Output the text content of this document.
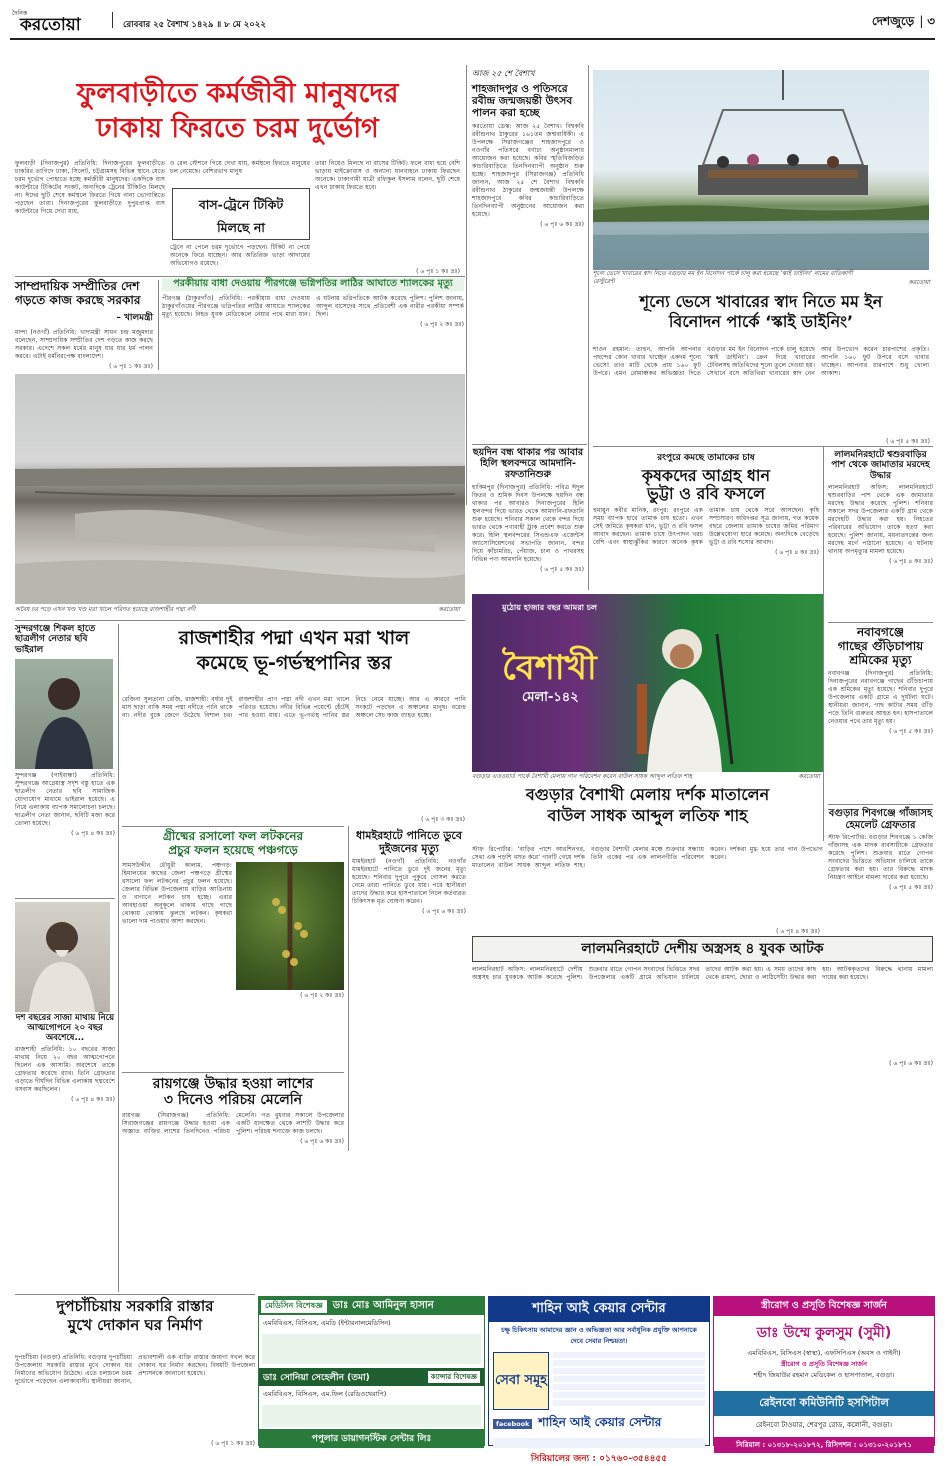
দৈনিক
করতোয়া	রোববার ২৫ বৈশাখ ১৪২৯ ॥ ৮ মে ২০২২	দেশজুড়ে | ৩
ফুলবাড়ীতে কর্মজীবী মানুষদের
ঢাকায় ফিরতে চরম দুর্ভোগ
ফুলবাড়ী (দিনাজপুর) প্রতিনিধি: দিনাজপুরের ফুলবাড়ীতে চাকরির তাগিদে ঢাকা, সিলেট, চট্টগ্রামসহ বিভিন্ন স্থানে যেতে চরম দুর্ভোগ পোহাতে হচ্ছে কর্মজীবী মানুষদের। একদিকে বাস কাউন্টারে টিকিটের সংকট, অন্যদিকে ট্রেনের টিকিটও মিলছে না। ঈদের ছুটি শেষে কর্মস্থলে ফিরতে গিয়ে নানা ভোগান্তিতে পড়ছেন তারা। দিনাজপুরের ফুলবাড়ীতে দুপুরপ্রাপ্ত বাস কাউন্টারে গিয়ে দেখা যায়,
ও রেল স্টেশনে গিয়ে দেখা যায়, কর্মস্থলে ফিরতে মানুষের চল নেমেছে। বেশিরভাগ মানুষ
তারা নিয়েও মিলছে না বাসের টিকিট। ফলে বাধ্য হয়ে বেশি ভাড়ায় মাইক্রোবাস ও অন্যান্য যানবাহনে ঢাকায় ফিরছেন অনেকে। ঢাকাগামী যাত্রী রফিকুল ইসলাম বলেন, ছুটি শেষে এখন ঢাকায় ফিরতে হবে।
বাস-ট্রেনে টিকিট
মিলছে না
ট্রেনে না পেলে চরম দুর্ভোগে পড়ছেন। টিকিট না পেয়ে অনেকে ফিরে যাচ্ছেন। আর অতিরিক্ত ভাড়া আদায়ের অভিযোগও রয়েছে।
( ৬ পৃঃ ১ কঃ দ্রঃ)
সাম্প্রদায়িক সম্প্রীতির দেশ গড়তে কাজ করছে সরকার
– খালমন্ত্রী
মান্দা (নওগাঁ) প্রতিনিধি: খাদ্যমন্ত্রী সাধন চন্দ্র মজুমদার বলেছেন, সাম্প্রদায়িক সম্প্রীতির দেশ গড়তে কাজ করছে সরকার। এদেশে সকল ধর্মের মানুষ যার যার ধর্ম পালন করবে। এটাই ধর্মনিরপেক্ষ বাংলাদেশ।
( ৬ পৃঃ ১ কঃ দ্রঃ)
পরকীয়ায় বাধা দেওয়ায় পীরগঞ্জে ভগ্নিপতির লাঠির আঘাতে শ্যালকের মৃত্যু
পীরগঞ্জ (ঠাকুরগাঁও) প্রতিনিধি: পরকীয়ায় বাধা দেওয়ায় ঠাকুরগাঁওয়ের পীরগঞ্জে ভগ্নিপতির লাঠির আঘাতে শ্যালকের মৃত্যু হয়েছে। নিহত যুবক মেডিকেলে নেয়ার পথে মারা যান। এ ঘটনায় ভগ্নিপতিকে আটক করেছে পুলিশ। পুলিশ জানায়, আব্দুল বাসেদের সাথে প্রতিবেশী এক নারীর পরকীয়া সম্পর্ক ছিল।
( ৬ পৃঃ ২ কঃ দ্রঃ)
অবৈধ চর পড়ে এখন খণ্ড খণ্ড মরা খালে পরিণত হয়েছে রাজশাহীর পদ্মা নদী	করতোয়া
আজ ২৫ শে বৈশাখ
শাহজাদপুর ও পতিসরে রবীন্দ্র জন্মজয়ন্তী উৎসব পালন করা হচ্ছে
করতোয়া ডেস্ক: আজ ২৫ বৈশাখ। বিশ্বকবি রবীন্দ্রনাথ ঠাকুরের ১৬১তম জন্মবার্ষিকী। এ উপলক্ষে সিরাজগঞ্জের শাহজাদপুরে ও নওগাঁর পতিসরে বর্ণাঢ্য অনুষ্ঠানমালার আয়োজন করা হয়েছে। কবির স্মৃতিবিজড়িত কাচারিবাড়িতে তিনদিনব্যাপী অনুষ্ঠান শুরু হচ্ছে। শাহজাদপুর (সিরাজগঞ্জ) প্রতিনিধি জানান, আজ ২৫ শে বৈশাখ বিশ্বকবি রবীন্দ্রনাথ ঠাকুরের জন্মজয়ন্তী উপলক্ষে শাহজাদপুরে কবির কাচারিবাড়িতে তিনদিনব্যাপী অনুষ্ঠানের আয়োজন করা হয়েছে।
( ৬ পৃঃ ৬ কঃ দ্রঃ)
শূন্যে ভেসে খাবারের স্বাদ নিতে বগুড়ার মম ইন বিনোদন পার্কে চালু করা হয়েছে ‘স্কাই ডাইনিং’ নামের বাতিকাণী রেস্টুরেন্ট	করতোয়া
শূন্যে ভেসে খাবারের স্বাদ নিতে মম ইন
বিনোদন পার্কে ‘স্কাই ডাইনিং’
শাওন রহমান: তাহুন, আপনি আপনার পছন্দের কোন খাবার খাচ্ছেন একদম শূন্যে ভেসে! তাও মাটি থেকে প্রায় ১৬০ ফুট উপরে। এমন রোমাঞ্চকর অভিজ্ঞতা দিতে বগুড়ার মম ইন বিনোদন পার্কে চালু হয়েছে ‘স্কাই ডাইনিং’। ক্রেন দিয়ে খাবারের টেবিলসহ অতিথিদের শূন্যে তুলে দেওয়া হয়। সেখানে বসে অতিথিরা খাবারের স্বাদ নেন আর উপভোগ করেন চারপাশের প্রকৃতি। আপনি ১৬০ ফুট উপরে বসে খাবার খাচ্ছেন। আপনার চারপাশে শুধু খোলা আকাশ।
( ৬ পৃঃ ৫ কঃ দ্রঃ)
ছয়দিন বন্ধ থাকার পর আবার হিলি স্থলবন্দরে আমদানি-রফতানিশুরু
হাকিমপুর (দিনাজপুর) প্রতিনিধি: পবিত্র ঈদুল ফিতর ও শ্রমিক দিবস উপলক্ষে ছয়দিন বন্ধ থাকার পর আবারও দিনাজপুরের হিলি স্থলবন্দর দিয়ে ভারত থেকে আমদানি-রফতানি শুরু হয়েছে। শনিবার সকাল থেকে বন্দর দিয়ে ভারত থেকে পণ্যবাহী ট্রাক প্রবেশ করতে শুরু করে। হিলি স্থলবন্দরের সিএন্ডএফ এজেন্টস অ্যাসোসিয়েশনের সভাপতি জানান, বন্দর দিয়ে কাঁচামরিচ, পেঁয়াজ, চাল ও পাথরসহ বিভিন্ন পণ্য আমদানি হয়েছে।
( ৬ পৃঃ ৫ কঃ দ্রঃ)
রংপুরে কমছে তামাকের চাষ
কৃষকদের আগ্রহ ধান
ভুট্টা ও রবি ফসলে
হুমায়ুন কবীর মানিক, রংপুর: রংপুরে এক সময় ব্যাপক হারে তামাক চাষ হতো। এখন সেই জমিতে কৃষকরা ধান, ভুট্টা ও রবি ফসল আবাদ করছেন। তামাক চাষে উৎপাদন খরচ বেশি এবং স্বাস্থ্যঝুঁকির কারণে অনেক কৃষক তামাক চাষ থেকে সরে আসছেন। কৃষি সম্প্রসারণ অধিদপ্তর সূত্র জানায়, গত কয়েক বছরে জেলায় তামাক চাষের জমির পরিমাণ উল্লেখযোগ্য হারে কমেছে। অন্যদিকে বেড়েছে ভুট্টা ও রবি শস্যের আবাদ।
( ৬ পৃঃ ৪ কঃ দ্রঃ)
লালমনিরহাটে শ্বশুরবাড়ির পাশ থেকে জামাতার মরদেহ উদ্ধার
লালমনিরহাট অফিস: লালমনিরহাটে শ্বশুরবাড়ির পাশ থেকে এক জামাতার মরদেহ উদ্ধার করেছে পুলিশ। শনিবার সকালে সদর উপজেলার একটি গ্রাম থেকে মরদেহটি উদ্ধার করা হয়। নিহতের পরিবারের অভিযোগ তাকে হত্যা করা হয়েছে। পুলিশ জানায়, ময়নাতদন্তের জন্য মরদেহ মর্গে পাঠানো হয়েছে। এ ঘটনায় থানায় অপমৃত্যুর মামলা হয়েছে।
( ৬ পৃঃ ৪ কঃ দ্রঃ)
নবাবগঞ্জে
গাছের গুঁড়িচাপায়
শ্রমিকের মৃত্যু
নবাবগঞ্জ (দিনাজপুর) প্রতিনিধি: দিনাজপুরের নবাবগঞ্জে গাছের গুঁড়িচাপায় এক শ্রমিকের মৃত্যু হয়েছে। শনিবার দুপুরে উপজেলার একটি গ্রামে এ দুর্ঘটনা ঘটে। স্থানীয়রা জানান, গাছ কাটার সময় গুঁড়ি পড়ে তিনি গুরুতর আহত হন। হাসপাতালে নেওয়ার পথে তার মৃত্যু হয়।
( ৬ পৃঃ ৫ কঃ দ্রঃ)
বগুড়ার শিবগঞ্জে গাঁজাসহ হেমলেট গ্রেফতার
স্টাফ রিপোর্টার: বগুড়ার শিবগঞ্জে ১ কেজি গাঁজাসহ এক মাদক ব্যবসায়ীকে গ্রেফতার করেছে পুলিশ। শুক্রবার রাতে গোপন সংবাদের ভিত্তিতে অভিযান চালিয়ে তাকে গ্রেফতার করা হয়। তার বিরুদ্ধে মাদক নিয়ন্ত্রণ আইনে মামলা দায়ের করা হয়েছে।
( ৬ পৃঃ ৫ কঃ দ্রঃ)
সুন্দরগঞ্জে শিকল হাতে ছাত্রলীগ নেতার ছবি ভাইরাল
সুন্দরগঞ্জ (গাইবান্ধা) প্রতিনিধি: সুন্দরগঞ্জে আগ্নেয়াস্ত্র সদৃশ বস্তু হাতে এক ছাত্রলীগ নেতার ছবি সামাজিক যোগাযোগ মাধ্যমে ভাইরাল হয়েছে। এ নিয়ে এলাকায় ব্যাপক সমালোচনা চলছে। ছাত্রলীগ নেতা জানান, ছবিটি মজা করে তোলা হয়েছে।
( ৬ পৃঃ ৪ কঃ দ্রঃ)
দশ বছরের সাজা মাথায় নিয়ে আত্মগোপনে ২০ বছর অবশেষে...
রাজশাহী প্রতিনিধি: ১০ বছরের সাজা মাথায় নিয়ে ২০ বছর আত্মগোপনে ছিলেন এক আসামি। অবশেষে তাকে গ্রেফতার করেছে র‍্যাব। তিনি গ্রেফতার এড়াতে দীর্ঘদিন বিভিন্ন এলাকায় ছদ্মবেশে বসবাস করছিলেন।
( ৬ পৃঃ ৪ কঃ দ্রঃ)
রাজশাহীর পদ্মা এখন মরা খাল
কমেছে ভূ-গর্ভস্থপানির স্তর
রেজিনা সুলতানা রেজি, রাজশাহী: বর্ষার দুই মাস ছাড়া বাকি সময় পদ্মা নদীতে পানি থাকে না। নদীর বুকে জেগে উঠেছে বিশাল চর। রাজশাহীর প্রাণ পদ্মা নদী এখন মরা খালে পরিণত হয়েছে। নদীর বিভিন্ন পয়েন্টে হেঁটেই পার হওয়া যায়। এতে ভূ-গর্ভস্থ পানির স্তর নিচে নেমে যাচ্ছে। আর এ কারণে পানি সংকটে পড়ছেন এ অঞ্চলের মানুষ। বরেন্দ্র অঞ্চলে সেচ কাজ ব্যাহত হচ্ছে।
( ৬ পৃঃ ৩ কঃ দ্রঃ)
গ্রীষ্মের রসালো ফল লটকনের
প্রচুর ফলন হয়েছে পঞ্চগড়ে
সামসউদ্দীন চৌধুরী কালাম, পঞ্চগড়: হিমালয়ের কাছের জেলা পঞ্চগড়ে গ্রীষ্মের রসালো ফল লটকনের প্রচুর ফলন হয়েছে। জেলার বিভিন্ন উপজেলায় বাড়ির আঙিনায় ও বাগানে লটকন চাষ হচ্ছে। এবার আবহাওয়া অনুকূলে থাকায় গাছে গাছে থোকায় থোকায় ঝুলছে লটকন। কৃষকরা ভালো দাম পাওয়ার আশা করছেন।
( ৬ পৃঃ ২ কঃ দ্রঃ)
ধামইরহাটে পানিতে ডুবে দুইজনের মৃত্যু
ধামইরহাট (নওগাঁ) প্রতিনিধি: নওগাঁর ধামইরহাটে পানিতে ডুবে দুই জনের মৃত্যু হয়েছে। শনিবার দুপুরে পুকুরে গোসল করতে নেমে তারা পানিতে ডুবে যায়। পরে স্থানীয়রা তাদের উদ্ধার করে হাসপাতালে নিলে কর্তব্যরত চিকিৎসক মৃত ঘোষণা করেন।
( ৬ পৃঃ ৬ কঃ দ্রঃ)
রায়গঞ্জে উদ্ধার হওয়া লাশের
৩ দিনেও পরিচয় মেলেনি
রায়গঞ্জ (সিরাজগঞ্জ) প্রতিনিধি: সিরাজগঞ্জের রায়গঞ্জে উদ্ধার হওয়া এক অজ্ঞাত ব্যক্তির লাশের তিনদিনেও পরিচয় মেলেনি। গত বুধবার সকালে উপজেলার একটি ধানক্ষেত থেকে লাশটি উদ্ধার করে পুলিশ। পরিচয় শনাক্তে কাজ চলছে।
( ৬ পৃঃ ৬ কঃ দ্রঃ)
মুঠোয় হাজার বছর আমরা চল
বৈশাখী
মেলা-১৪২
বগুড়ার এডওয়ার্ড পার্কে বৈশাখী মেলায় গান পরিবেশন করেন বাউল সাধক আব্দুল লতিফ শাহ	করতোয়া
বগুড়ার বৈশাখী মেলায় দর্শক মাতালেন
বাউল সাধক আব্দুল লতিফ শাহ
স্টাফ রিপোর্টার: ‘বাড়ির পাশে আরশিনগর, সেথা এক পড়শি বসত করে’ গানটি গেয়ে দর্শক মাতালেন বাউল সাধক আব্দুল লতিফ শাহ। বগুড়ার বৈশাখী মেলার মঞ্চে শুক্রবার সন্ধ্যায় তিনি একের পর এক লালনগীতি পরিবেশন করেন। দর্শকরা মুগ্ধ হয়ে তার গান উপভোগ করেন।
( ৬ পৃঃ ৪ কঃ দ্রঃ)
লালমনিরহাটে দেশীয় অস্ত্রসহ ৪ যুবক আটক
লালমনিরহাট অফিস: লালমনিরহাটে দেশীয় অস্ত্রসহ চার যুবককে আটক করেছে পুলিশ। শুক্রবার রাতে গোপন সংবাদের ভিত্তিতে সদর উপজেলার একটি গ্রামে অভিযান চালিয়ে তাদের আটক করা হয়। এ সময় তাদের কাছ থেকে রামদা, ছোরা ও লাঠিসোঁটা উদ্ধার করা হয়। আটককৃতদের বিরুদ্ধে থানায় মামলা দায়ের করা হয়েছে।
( ৬ পৃঃ ৬ কঃ দ্রঃ)
দুপচাঁচিয়ায় সরকারি রাস্তার
মুখে দোকান ঘর নির্মাণ
দুপচাঁচিয়া (বগুড়া) প্রতিনিধি: বগুড়ার দুপচাঁচিয়া উপজেলায় সরকারি রাস্তার মুখে দোকান ঘর নির্মাণের অভিযোগ উঠেছে। এতে চলাচলে চরম দুর্ভোগে পড়েছেন এলাকাবাসী। স্থানীয়রা জানান, প্রভাবশালী এক ব্যক্তি রাস্তার জায়গা দখল করে দোকান ঘর নির্মাণ করছেন। বিষয়টি উপজেলা প্রশাসনকে জানানো হয়েছে।
( ৬ পৃঃ ১ কঃ দ্রঃ)
মেডিসিন বিশেষজ্ঞ	ডাঃ মোঃ আমিনুল হাসান
এমবিবিএস, বিসিএস, এমডি (ইন্টারনালমেডিসিন)
ডাঃ সোনিয়া সেহেলীন (তমা)	ক্যান্সার বিশেষজ্ঞ
এমবিবিএস, বিসিএস, এম.ফিল (রেডিওথেরাপি)
পপুলার ডায়াগনস্টিক সেন্টার লিঃ
শাহিন আই কেয়ার সেন্টার
চক্ষু চিকিৎসায় আমাদের জ্ঞান ও অভিজ্ঞতা আর সর্বাধুনিক প্রযুক্তি আপনাকে দেবে সেবার নিশ্চয়তা।
সেবা সমূহ
facebook শাহিন আই কেয়ার সেন্টার
সিরিয়ালের জন্য : ০১৭৬০-৩৫৪৪৫৫
স্ত্রীরোগ ও প্রসূতি বিশেষজ্ঞ সার্জন
ডাঃ উম্মে কুলসুম (সুমী)
এমবিবিএস, বিসিএস (স্বাস্থ্য), এফসিপিএস (অবস ও গাইনী)
স্ত্রীরোগ ও প্রসূতি বিশেষজ্ঞ সার্জন
শহীদ জিয়াউর রহমান মেডিকেল ও হাসপাতাল, বগুড়া।
রেইনবো কমিউনিটি হসপিটাল
রেইনবো টাওয়ার, শেরপুর রোড, কলোনী, বগুড়া।
সিরিয়াল : ০১৩১৮-২০১৮৭২, রিসিপশন : ০১৩১০-২০১৮৭১
